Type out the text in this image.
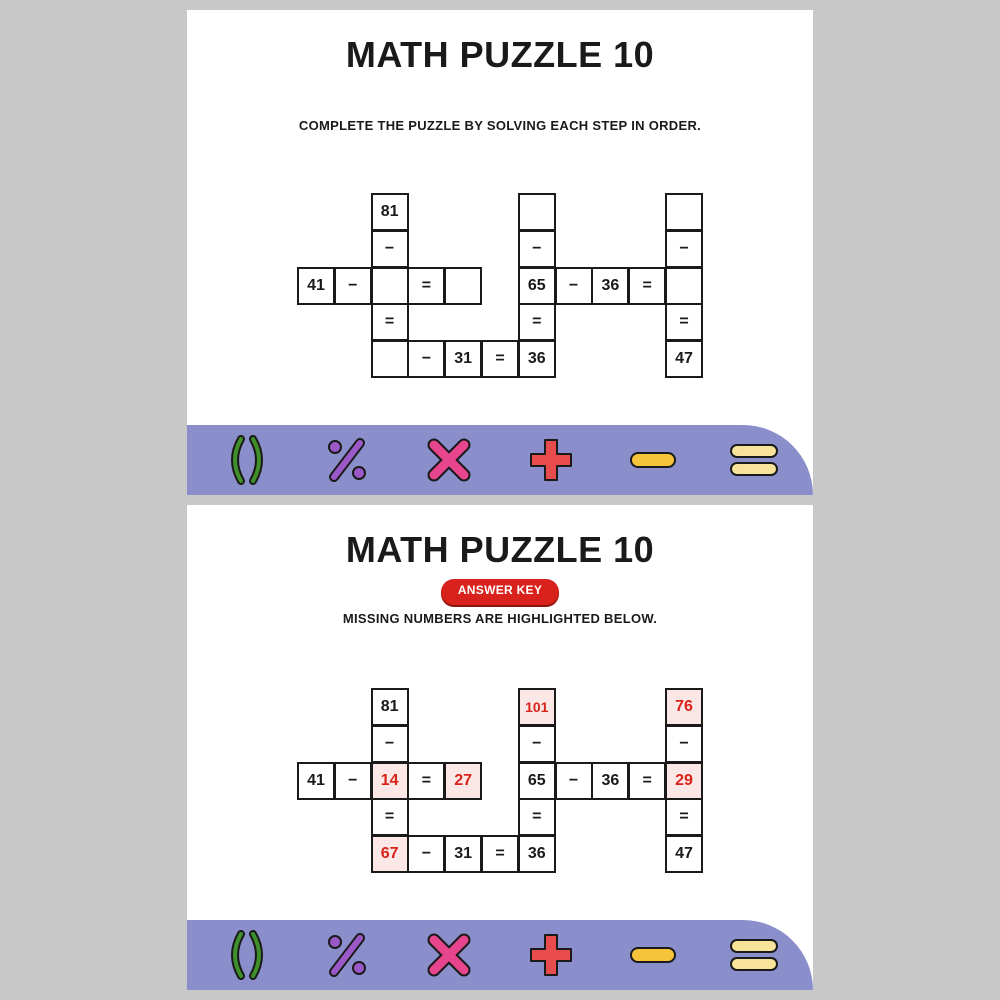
MATH PUZZLE 10
COMPLETE THE PUZZLE BY SOLVING EACH STEP IN ORDER.
81
−
41	−	=
=
−	31	=	36
=
65
−
−	36	=
−
=
47
MATH PUZZLE 10
ANSWER KEY
MISSING NUMBERS ARE HIGHLIGHTED BELOW.
81
−
41	−	14	=	27
=
67	−	31	=	36
=
65
−
101
−	36	=	29
−
76
=
47
